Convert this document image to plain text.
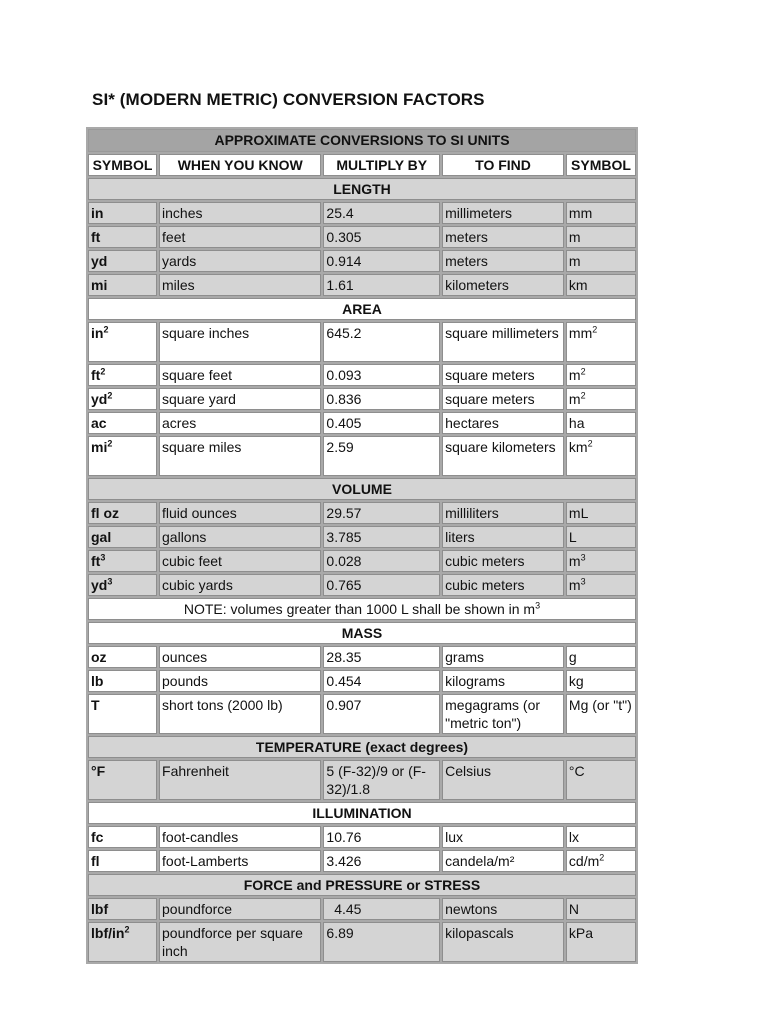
SI* (MODERN METRIC) CONVERSION FACTORS
APPROXIMATE CONVERSIONS TO SI UNITS				
SYMBOL	WHEN YOU KNOW	MULTIPLY BY	TO FIND	SYMBOL
LENGTH				
in	inches	25.4	millimeters	mm
ft	feet	0.305	meters	m
yd	yards	0.914	meters	m
mi	miles	1.61	kilometers	km
AREA				
$in^2$	square inches	645.2	square millimeters	$mm^2$
$ft^2$	square feet	0.093	square meters	$m^2$
$yd^2$	square yard	0.836	square meters	$m^2$
ac	acres	0.405	hectares	ha
$mi^2$	square miles	2.59	square kilometers	$km^2$
VOLUME				
fl oz	fluid ounces	29.57	milliliters	mL
gal	gallons	3.785	liters	L
$ft^3$	cubic feet	0.028	cubic meters	$m^3$
$yd^3$	cubic yards	0.765	cubic meters	$m^3$
NOTE: volumes greater than 1000 L shall be shown in $m^3$
MASS				
oz	ounces	28.35	grams	g
lb	pounds	0.454	kilograms	kg
T	short tons (2000 lb)	0.907	megagrams (or "metric ton")	Mg (or "t")
TEMPERATURE (exact degrees)				
°F	Fahrenheit	5 (F-32)/9 or (F-32)/1.8	Celsius	°C
ILLUMINATION				
fc	foot-candles	10.76	lux	lx
fl	foot-Lamberts	3.426	candela/m²	$cd/m^2$
FORCE and PRESSURE or STRESS				
lbf	poundforce	4.45	newtons	N
lbf/$in^2$	poundforce per square inch	6.89	kilopascals	kPa
